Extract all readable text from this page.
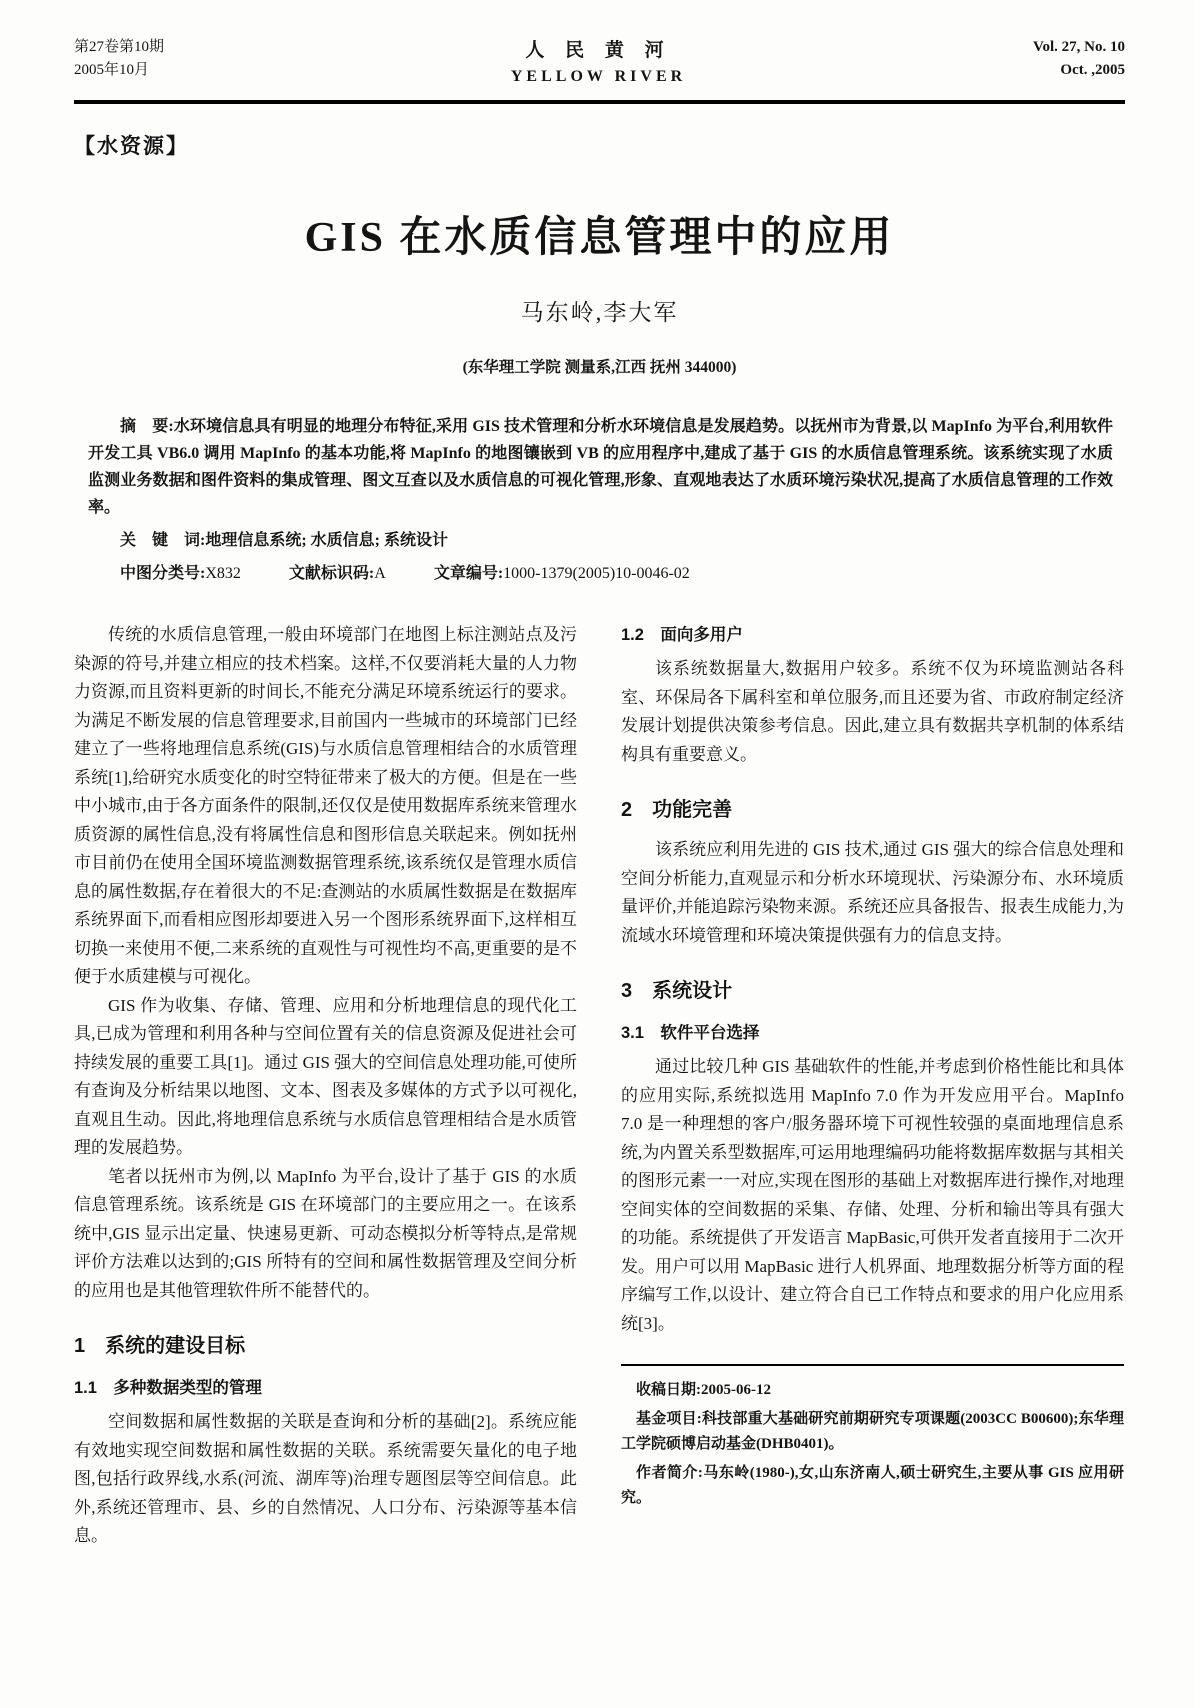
第27卷第10期
2005年10月
人 民 黄 河
YELLOW RIVER
Vol. 27, No. 10
Oct. ,2005
【水资源】
GIS 在水质信息管理中的应用
马东岭,李大军
(东华理工学院 测量系,江西 抚州 344000)

摘　要:水环境信息具有明显的地理分布特征,采用 GIS 技术管理和分析水环境信息是发展趋势。以抚州市为背景,以 MapInfo 为平台,利用软件开发工具 VB6.0 调用 MapInfo 的基本功能,将 MapInfo 的地图镶嵌到 VB 的应用程序中,建成了基于 GIS 的水质信息管理系统。该系统实现了水质监测业务数据和图件资料的集成管理、图文互查以及水质信息的可视化管理,形象、直观地表达了水质环境污染状况,提高了水质信息管理的工作效率。

关　键　词:地理信息系统; 水质信息; 系统设计

中图分类号:X832	文献标识码:A	文章编号:1000-1379(2005)10-0046-02

传统的水质信息管理,一般由环境部门在地图上标注测站点及污染源的符号,并建立相应的技术档案。这样,不仅要消耗大量的人力物力资源,而且资料更新的时间长,不能充分满足环境系统运行的要求。为满足不断发展的信息管理要求,目前国内一些城市的环境部门已经建立了一些将地理信息系统(GIS)与水质信息管理相结合的水质管理系统[1],给研究水质变化的时空特征带来了极大的方便。但是在一些中小城市,由于各方面条件的限制,还仅仅是使用数据库系统来管理水质资源的属性信息,没有将属性信息和图形信息关联起来。例如抚州市目前仍在使用全国环境监测数据管理系统,该系统仅是管理水质信息的属性数据,存在着很大的不足:查测站的水质属性数据是在数据库系统界面下,而看相应图形却要进入另一个图形系统界面下,这样相互切换一来使用不便,二来系统的直观性与可视性均不高,更重要的是不便于水质建模与可视化。

GIS 作为收集、存储、管理、应用和分析地理信息的现代化工具,已成为管理和利用各种与空间位置有关的信息资源及促进社会可持续发展的重要工具[1]。通过 GIS 强大的空间信息处理功能,可使所有查询及分析结果以地图、文本、图表及多媒体的方式予以可视化,直观且生动。因此,将地理信息系统与水质信息管理相结合是水质管理的发展趋势。

笔者以抚州市为例,以 MapInfo 为平台,设计了基于 GIS 的水质信息管理系统。该系统是 GIS 在环境部门的主要应用之一。在该系统中,GIS 显示出定量、快速易更新、可动态模拟分析等特点,是常规评价方法难以达到的;GIS 所特有的空间和属性数据管理及空间分析的应用也是其他管理软件所不能替代的。

1　系统的建设目标
1.1　多种数据类型的管理

空间数据和属性数据的关联是查询和分析的基础[2]。系统应能有效地实现空间数据和属性数据的关联。系统需要矢量化的电子地图,包括行政界线,水系(河流、湖库等)治理专题图层等空间信息。此外,系统还管理市、县、乡的自然情况、人口分布、污染源等基本信息。

1.2　面向多用户

该系统数据量大,数据用户较多。系统不仅为环境监测站各科室、环保局各下属科室和单位服务,而且还要为省、市政府制定经济发展计划提供决策参考信息。因此,建立具有数据共享机制的体系结构具有重要意义。

2　功能完善

该系统应利用先进的 GIS 技术,通过 GIS 强大的综合信息处理和空间分析能力,直观显示和分析水环境现状、污染源分布、水环境质量评价,并能追踪污染物来源。系统还应具备报告、报表生成能力,为流域水环境管理和环境决策提供强有力的信息支持。

3　系统设计
3.1　软件平台选择

通过比较几种 GIS 基础软件的性能,并考虑到价格性能比和具体的应用实际,系统拟选用 MapInfo 7.0 作为开发应用平台。MapInfo 7.0 是一种理想的客户/服务器环境下可视性较强的桌面地理信息系统,为内置关系型数据库,可运用地理编码功能将数据库数据与其相关的图形元素一一对应,实现在图形的基础上对数据库进行操作,对地理空间实体的空间数据的采集、存储、处理、分析和输出等具有强大的功能。系统提供了开发语言 MapBasic,可供开发者直接用于二次开发。用户可以用 MapBasic 进行人机界面、地理数据分析等方面的程序编写工作,以设计、建立符合自已工作特点和要求的用户化应用系统[3]。

收稿日期:2005-06-12

基金项目:科技部重大基础研究前期研究专项课题(2003CC B00600);东华理工学院硕博启动基金(DHB0401)。

作者简介:马东岭(1980-),女,山东济南人,硕士研究生,主要从事 GIS 应用研究。
